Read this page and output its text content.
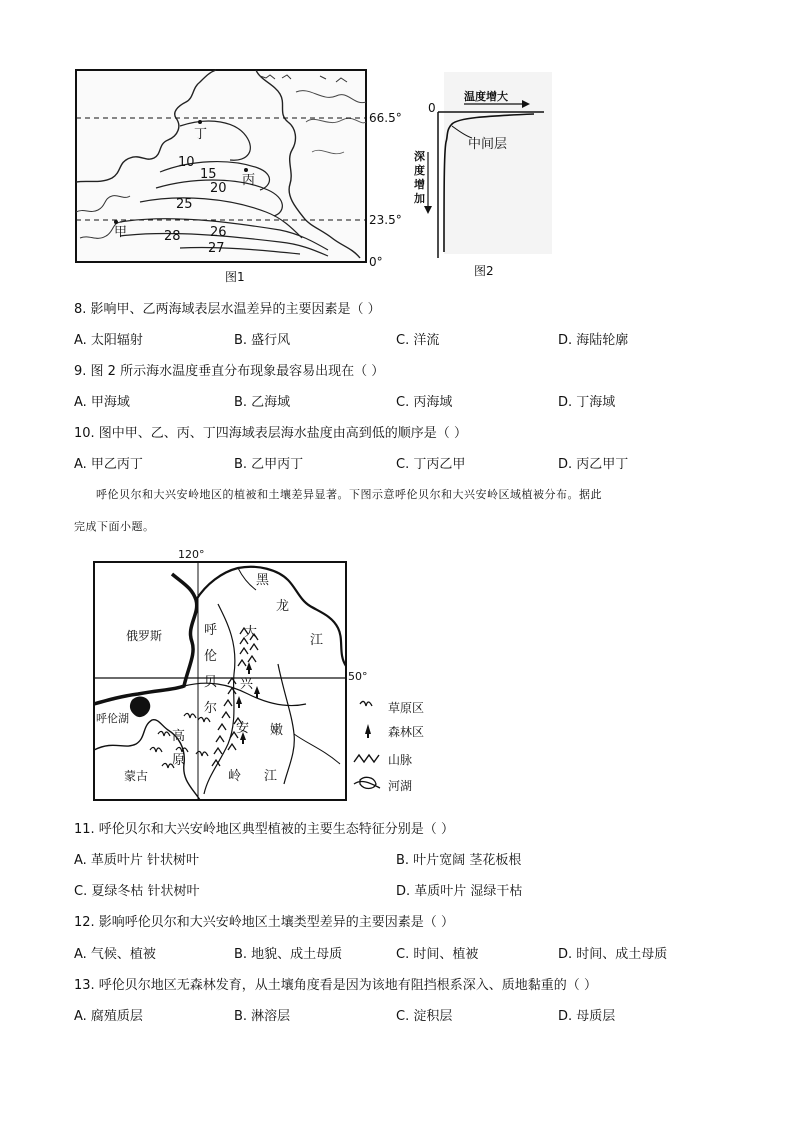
10
15
20
25
28 26
27
丁
丙
甲
66.5°
23.5°
0°
图1
0
温度增大
深
度
增
加
中间层
图2
8. 影响甲、乙两海域表层水温差异的主要因素是（ ）
A. 太阳辐射	B. 盛行风	C. 洋流	D. 海陆轮廓
9. 图 2 所示海水温度垂直分布现象最容易出现在（ ）
A. 甲海域	B. 乙海域	C. 丙海域	D. 丁海域
10. 图中甲、乙、丙、丁四海域表层海水盐度由高到低的顺序是（ ）
A. 甲乙丙丁	B. 乙甲丙丁	C. 丁丙乙甲	D. 丙乙甲丁
呼伦贝尔和大兴安岭地区的植被和土壤差异显著。下图示意呼伦贝尔和大兴安岭区域植被分布。据此
完成下面小题。
120°
俄罗斯
呼伦湖
蒙古
呼
伦
贝
尔
黑
龙
江
大
兴
安
岭
高
原
嫩
江
50°
草原区
森林区
山脉
河湖
11. 呼伦贝尔和大兴安岭地区典型植被的主要生态特征分别是（ ）
A. 革质叶片 针状树叶	B. 叶片宽阔 茎花板根
C. 夏绿冬枯 针状树叶	D. 革质叶片 湿绿干枯
12. 影响呼伦贝尔和大兴安岭地区土壤类型差异的主要因素是（ ）
A. 气候、植被	B. 地貌、成土母质	C. 时间、植被	D. 时间、成土母质
13. 呼伦贝尔地区无森林发育，从土壤角度看是因为该地有阻挡根系深入、质地黏重的（ ）
A. 腐殖质层	B. 淋溶层	C. 淀积层	D. 母质层
